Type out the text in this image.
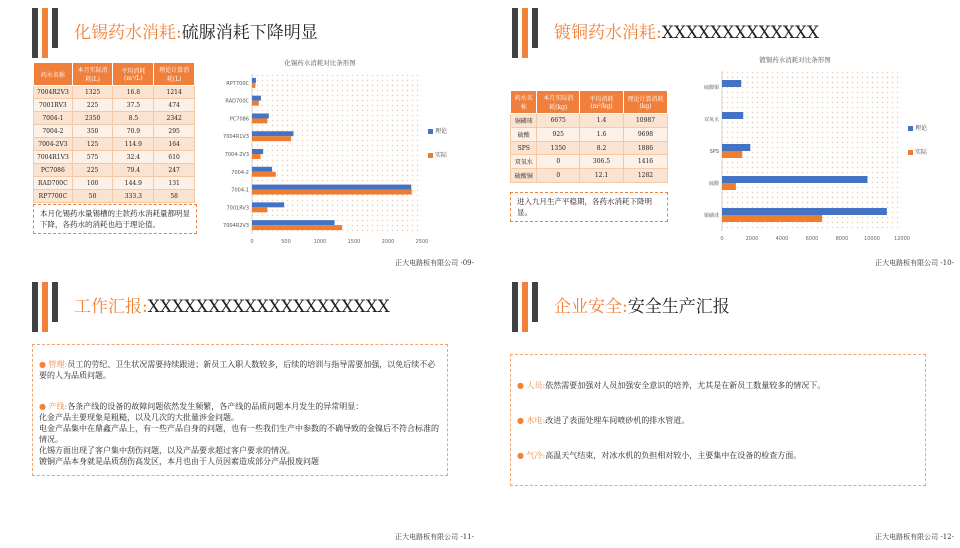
化锡药水消耗:硫脲消耗下降明显
药水名称	本月实际消耗(L)	平均消耗(m²/L)	理论计算消耗(L)
7004R2V3	1325	16.8	1214
7001RV3	225	37.5	474
7004-1	2350	8.5	2342
7004-2	350	70.9	295
7004-2V3	125	114.9	164
7004R1V3	575	32.4	610
PC7086	225	79.4	247
RAD700C	100	144.9	131
RP7700C	50	333.3	58
本月化锡药水量锡槽的主款药水消耗量都明显下降，各药水的消耗也趋于理论值。
化锡药水消耗对比条形图
0	500	1000	1500	2000	2500
RP7700C
RAD700C
PC7086
7004R1V3
7004-2V3
7004-2
7004-1
7001RV3
7004R2V3
理论
实际
正大电路板有限公司 -09-
镀铜药水消耗:XXXXXXXXXXXXX
药水名称	本月实际消耗(kg)	平均消耗(m²/kg)	理论计算消耗(kg)
铜磷球	6675	1.4	10987
硫酸	925	1.6	9698
SPS	1350	8.2	1886
双氧水	0	306.5	1416
硫酸铜	0	12.1	1282
进入九月生产平稳期，各药水消耗下降明显。
镀铜药水消耗对比条形图
0	2000	4000	6000	8000	10000	12000
硫酸铜
双氧水
SPS
硫酸
铜磷球
理论
实际
正大电路板有限公司 -10-
工作汇报:XXXXXXXXXXXXXXXXXXXX
● 管理:员工的劳纪、卫生状况需要持续跟进；新员工入职人数较多，后续的培训与指导需要加强，以免后续不必要的人为品质问题。
● 产线:各条产线的设备的故障问题依然发生频繁，各产线的品质问题本月发生的异常明显：
化金产品主要现象是粗糙，以及几次的大批量涉金问题。
电金产品集中在鼎鑫产品上，有一些产品自身的问题，也有一些我们生产中参数的不确导致的金镍后不符合标准的情况。
化锡方面出现了客户集中刮伤问题，以及产品要求超过客户要求的情况。
镀铜产品本身就是品质刮伤高发区，本月也由于人员因素造成部分产品报废问题
正大电路板有限公司 -11-
企业安全:安全生产汇报
● 人员:依然需要加强对人员加强安全意识的培养，尤其是在新员工数量较多的情况下。
● 水电:改进了表面处理车间喷砂机的排水管道。
● 气冷:高温天气结束，对冰水机的负担相对较小，主要集中在设备的检查方面。
正大电路板有限公司 -12-
